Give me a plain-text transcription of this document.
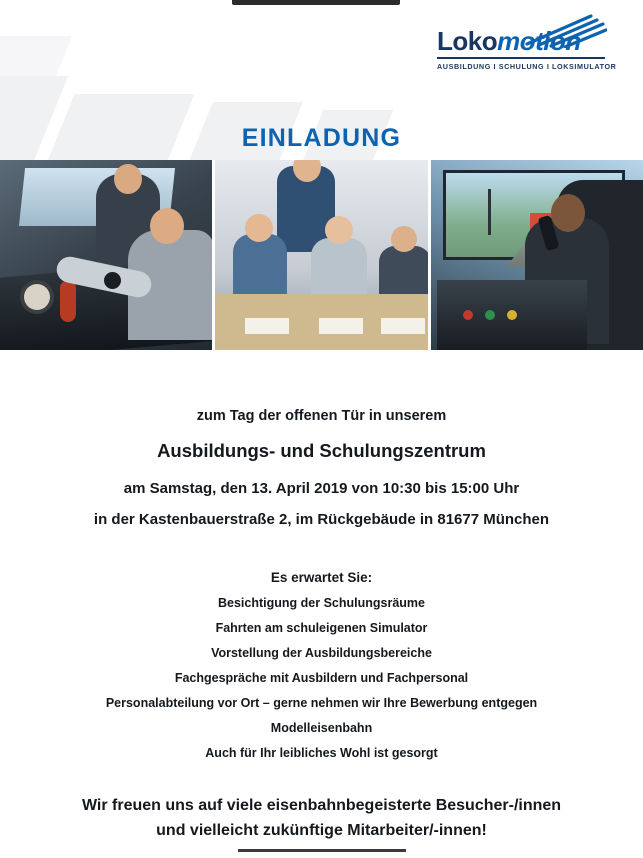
Lokomotion
AUSBILDUNG I SCHULUNG I LOKSIMULATOR
EINLADUNG
zum Tag der offenen Tür in unserem
Ausbildungs- und Schulungszentrum
am Samstag, den 13. April 2019 von 10:30 bis 15:00 Uhr
in der Kastenbauerstraße 2, im Rückgebäude in 81677 München
Es erwartet Sie:
Besichtigung der Schulungsräume
Fahrten am schuleigenen Simulator
Vorstellung der Ausbildungsbereiche
Fachgespräche mit Ausbildern und Fachpersonal
Personalabteilung vor Ort – gerne nehmen wir Ihre Bewerbung entgegen
Modelleisenbahn
Auch für Ihr leibliches Wohl ist gesorgt
Wir freuen uns auf viele eisenbahnbegeisterte Besucher-/innen
und vielleicht zukünftige Mitarbeiter/-innen!
